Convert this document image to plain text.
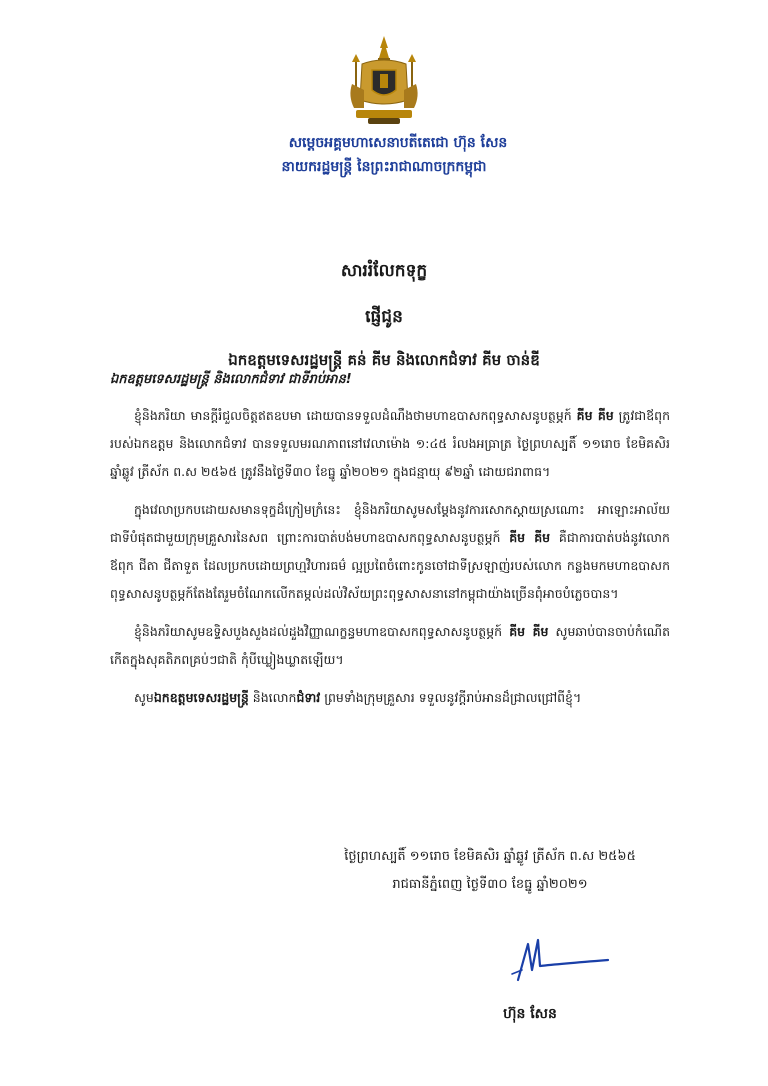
សម្តេចអគ្គមហាសេនាបតីតេជោ ហ៊ុន សែន
នាយករដ្ឋមន្ត្រី នៃព្រះរាជាណាចក្រកម្ពុជា
សាររំលែកទុក្ខ
ផ្ញើជូន
ឯកឧត្តមទេសរដ្ឋមន្ត្រី គន់ គីម និងលោកជំទាវ គីម ចាន់ឌី
ឯកឧត្តមទេសរដ្ឋមន្ត្រី និងលោកជំទាវ ជាទីរាប់អាន!

ខ្ញុំនិងភរិយា មានក្តីរំជួលចិត្តឥតឧបមា ដោយបានទទួលដំណឹងថាមហាឧបាសកពុទ្ធសាសនូបត្ថម្ភក៍ គីម គីម ត្រូវជាឪពុករបស់ឯកឧត្តម និងលោកជំទាវ បានទទួលមរណភាពនៅវេលាម៉ោង ១:៤៥ រំលងអធ្រាត្រ ថ្ងៃព្រហស្បតិ៍ ១១រោច ខែមិគសិរ ឆ្នាំឆ្លូវ ត្រីស័ក ព.ស ២៥៦៥ ត្រូវនឹងថ្ងៃទី៣០ ខែធ្នូ ឆ្នាំ២០២១ ក្នុងជន្មាយុ ៩២ឆ្នាំ ដោយជរាពាធ។

ក្នុងវេលាប្រកបដោយសមានទុក្ខដ៏ក្រៀមក្រំនេះ ខ្ញុំនិងភរិយាសូមសម្តែងនូវការសោកស្តាយស្រណោះ អាឡោះអាល័យជាទីបំផុតជាមួយក្រុមគ្រួសារនៃសព ព្រោះការបាត់បង់មហាឧបាសកពុទ្ធសាសនូបត្ថម្ភក៍ គីម គីម គឺជាការបាត់បង់នូវលោកឪពុក ជីតា ជីតាទួត ដែលប្រកបដោយព្រហ្មវិហារធម៌ ល្អប្រពៃចំពោះកូនចៅជាទីស្រឡាញ់របស់លោក កន្លងមកមហាឧបាសកពុទ្ធសាសនូបត្ថម្ភក៍តែងតែរួមចំណែកលើកតម្កល់ដល់វិស័យព្រះពុទ្ធសាសនានៅកម្ពុជាយ៉ាងច្រើនពុំអាចបំភ្លេចបាន។

ខ្ញុំនិងភរិយាសូមឧទ្ទិសបួងសួងដល់ដួងវិញ្ញាណក្ខន្ធមហាឧបាសកពុទ្ធសាសនូបត្ថម្ភក៍ គីម គីម សូមឆាប់បានចាប់កំណើតកើតក្នុងសុគតិភពគ្រប់ៗជាតិ កុំបីឃ្លៀងឃ្លាតឡើយ។

សូមឯកឧត្តមទេសរដ្ឋមន្ត្រី និងលោកជំទាវ ព្រមទាំងក្រុមគ្រួសារ ទទួលនូវក្តីរាប់អានដ៏ជ្រាលជ្រៅពីខ្ញុំ។

ថ្ងៃព្រហស្បតិ៍ ១១រោច ខែមិគសិរ ឆ្នាំឆ្លូវ ត្រីស័ក ព.ស ២៥៦៥
រាជធានីភ្នំពេញ ថ្ងៃទី៣០ ខែធ្នូ ឆ្នាំ២០២១
ហ៊ុន សែន
